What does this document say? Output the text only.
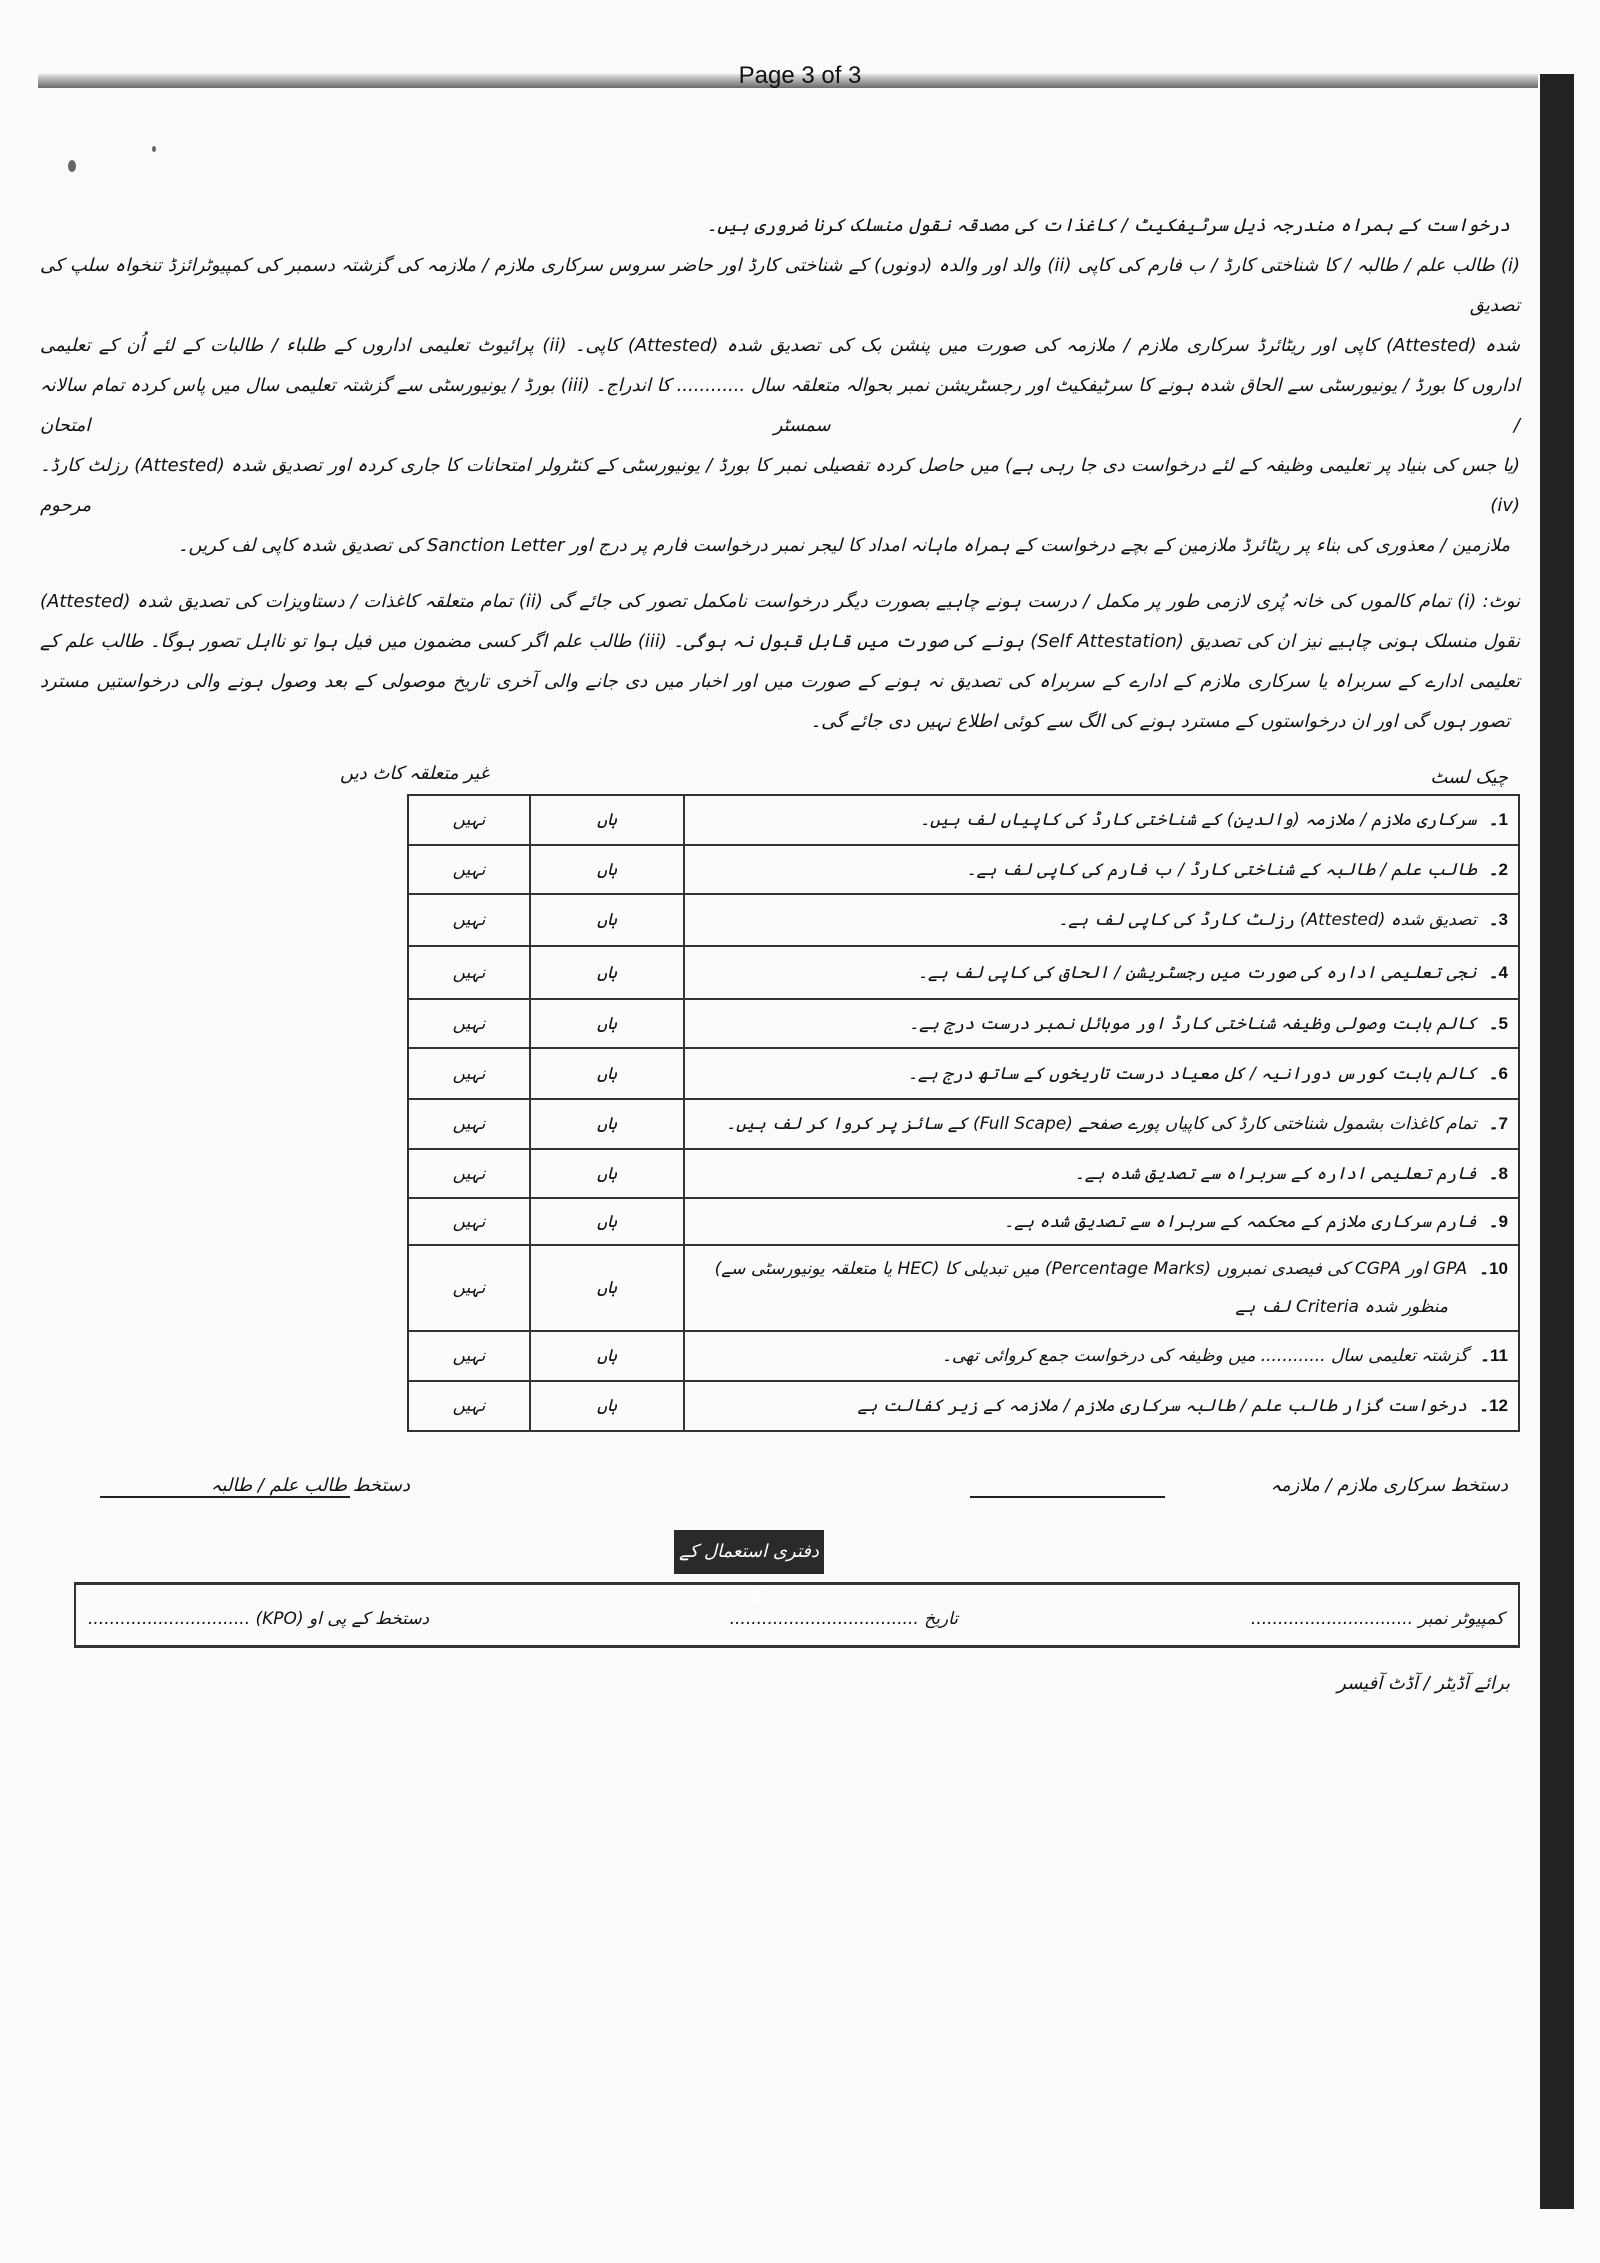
Page 3 of 3
درخواست کے ہمراہ مندرجہ ذیل سرٹیفکیٹ / کاغذات کی مصدقہ نقول منسلک کرنا ضروری ہیں۔
(i) طالب علم / طالبہ / کا شناختی کارڈ / ب فارم کی کاپی (ii) والد اور والدہ (دونوں) کے شناختی کارڈ اور حاضر سروس سرکاری ملازم / ملازمہ کی گزشتہ دسمبر کی کمپیوٹرائزڈ تنخواہ سلپ کی تصدیق
شدہ (Attested) کاپی اور ریٹائرڈ سرکاری ملازم / ملازمہ کی صورت میں پنشن بک کی تصدیق شدہ (Attested) کاپی۔ (ii) پرائیوٹ تعلیمی اداروں کے طلباء / طالبات کے لئے اُن کے تعلیمی
اداروں کا بورڈ / یونیورسٹی سے الحاق شدہ ہونے کا سرٹیفکیٹ اور رجسٹریشن نمبر بحوالہ متعلقہ سال ............ کا اندراج۔ (iii) بورڈ / یونیورسٹی سے گزشتہ تعلیمی سال میں پاس کردہ تمام سالانہ / سمسٹر امتحان
(یا جس کی بنیاد پر تعلیمی وظیفہ کے لئے درخواست دی جا رہی ہے) میں حاصل کردہ تفصیلی نمبر کا بورڈ / یونیورسٹی کے کنٹرولر امتحانات کا جاری کردہ اور تصدیق شدہ (Attested) رزلٹ کارڈ۔ (iv) مرحوم
ملازمین / معذوری کی بناء پر ریٹائرڈ ملازمین کے بچے درخواست کے ہمراہ ماہانہ امداد کا لیجر نمبر درخواست فارم پر درج اور Sanction Letter کی تصدیق شدہ کاپی لف کریں۔
نوٹ: (i) تمام کالموں کی خانہ پُری لازمی طور پر مکمل / درست ہونے چاہیے بصورت دیگر درخواست نامکمل تصور کی جائے گی (ii) تمام متعلقہ کاغذات / دستاویزات کی تصدیق شدہ (Attested)
نقول منسلک ہونی چاہیے نیز ان کی تصدیق (Self Attestation) ہونے کی صورت میں قابل قبول نہ ہوگی۔ (iii) طالب علم اگر کسی مضمون میں فیل ہوا تو نااہل تصور ہوگا۔ طالب علم کے
تعلیمی ادارے کے سربراہ یا سرکاری ملازم کے ادارے کے سربراہ کی تصدیق نہ ہونے کے صورت میں اور اخبار میں دی جانے والی آخری تاریخ موصولی کے بعد وصول ہونے والی درخواستیں مسترد
تصور ہوں گی اور ان درخواستوں کے مسترد ہونے کی الگ سے کوئی اطلاع نہیں دی جائے گی۔
چیک لسٹ
غیر متعلقہ کاٹ دیں
نہیں	ہاں	1۔سرکاری ملازم / ملازمہ (والدین) کے شناختی کارڈ کی کاپیاں لف ہیں۔

نہیں	ہاں	2۔طالب علم / طالبہ کے شناختی کارڈ / ب فارم کی کاپی لف ہے۔

نہیں	ہاں	3۔تصدیق شدہ (Attested) رزلٹ کارڈ کی کاپی لف ہے۔

نہیں	ہاں	4۔نجی تعلیمی ادارہ کی صورت میں رجسٹریشن / الحاق کی کاپی لف ہے۔

نہیں	ہاں	5۔کالم بابت وصولی وظیفہ شناختی کارڈ اور موبائل نمبر درست درج ہے۔

نہیں	ہاں	6۔کالم بابت کورس دورانیہ / کل معیاد درست تاریخوں کے ساتھ درج ہے۔

نہیں	ہاں	7۔تمام کاغذات بشمول شناختی کارڈ کی کاپیاں پورے صفحے (Full Scape) کے سائز پر کروا کر لف ہیں۔

نہیں	ہاں	8۔فارم تعلیمی ادارہ کے سربراہ سے تصدیق شدہ ہے۔

نہیں	ہاں	9۔فارم سرکاری ملازم کے محکمہ کے سربراہ سے تصدیق شدہ ہے۔

نہیں	ہاں	10۔GPA اور CGPA کی فیصدی نمبروں (Percentage Marks) میں تبدیلی کا (HEC یا متعلقہ یونیورسٹی سے)
منظور شدہ Criteria لف ہے

نہیں	ہاں	11۔گزشتہ تعلیمی سال ............ میں وظیفہ کی درخواست جمع کروائی تھی۔

نہیں	ہاں	12۔درخواست گزار طالب علم / طالبہ سرکاری ملازم / ملازمہ کے زیر کفالت ہے
دستخط سرکاری ملازم / ملازمہ
دستخط طالب علم / طالبہ
دفتری استعمال کے لئے
کمپیوٹر نمبر ..............................
تاریخ ...................................
دستخط کے پی او (KPO) ..............................
برائے آڈیٹر / آڈٹ آفیسر
